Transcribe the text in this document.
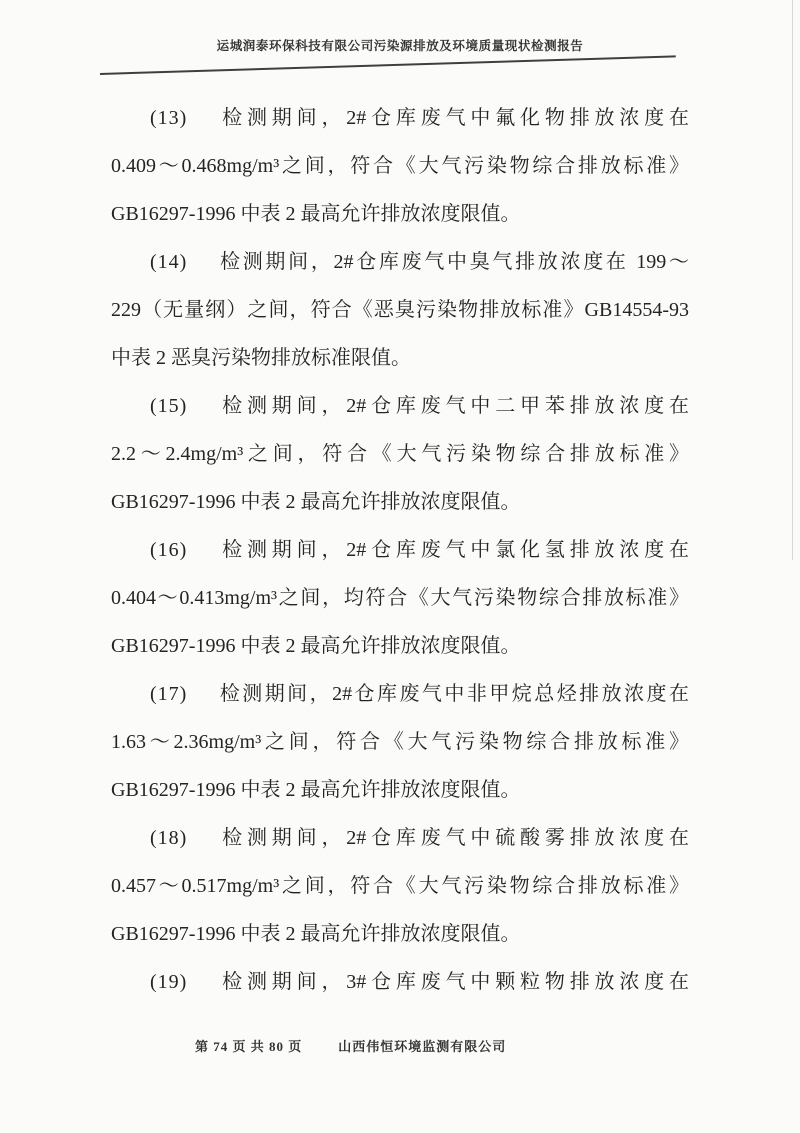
运城润泰环保科技有限公司污染源排放及环境质量现状检测报告
(13) 检测期间，2#仓库废气中氟化物排放浓度在
0.409～0.468mg/m³之间，符合《大气污染物综合排放标准》
GB16297-1996 中表 2 最高允许排放浓度限值。
(14) 检测期间，2#仓库废气中臭气排放浓度在 199～
229（无量纲）之间，符合《恶臭污染物排放标准》GB14554-93
中表 2 恶臭污染物排放标准限值。
(15) 检测期间，2#仓库废气中二甲苯排放浓度在
2.2～2.4mg/m³之间，符合《大气污染物综合排放标准》
GB16297-1996 中表 2 最高允许排放浓度限值。
(16) 检测期间，2#仓库废气中氯化氢排放浓度在
0.404～0.413mg/m³之间，均符合《大气污染物综合排放标准》
GB16297-1996 中表 2 最高允许排放浓度限值。
(17) 检测期间，2#仓库废气中非甲烷总烃排放浓度在
1.63～2.36mg/m³之间，符合《大气污染物综合排放标准》
GB16297-1996 中表 2 最高允许排放浓度限值。
(18) 检测期间，2#仓库废气中硫酸雾排放浓度在
0.457～0.517mg/m³之间，符合《大气污染物综合排放标准》
GB16297-1996 中表 2 最高允许排放浓度限值。
(19) 检测期间，3#仓库废气中颗粒物排放浓度在
第 74 页 共 80 页	山西伟恒环境监测有限公司
